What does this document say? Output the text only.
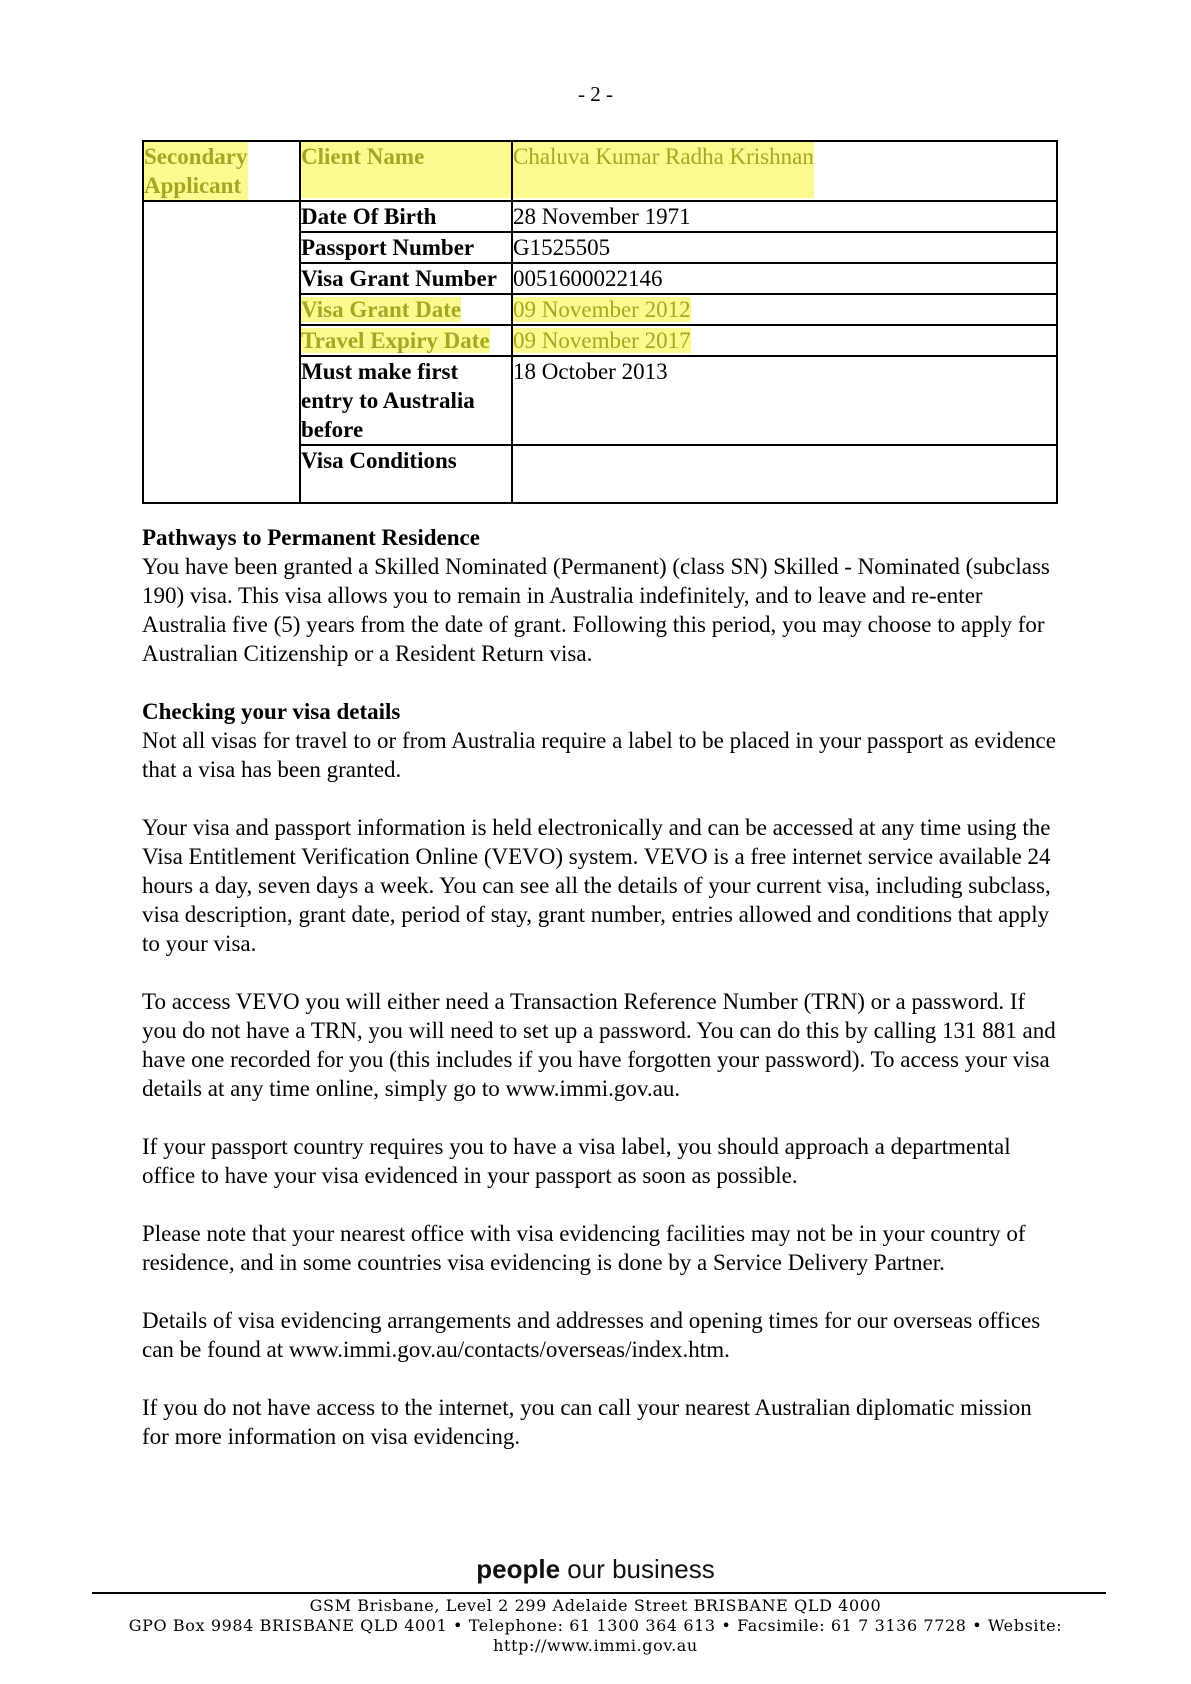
- 2 -
Secondary
Applicant	Client Name	Chaluva Kumar Radha Krishnan
	Date Of Birth	28 November 1971
	Passport Number	G1525505
	Visa Grant Number	0051600022146
	Visa Grant Date	09 November 2012
	Travel Expiry Date	09 November 2017
	Must make first
entry to Australia
before	18 October 2013
	Visa Conditions	
Pathways to Permanent Residence

You have been granted a Skilled Nominated (Permanent) (class SN) Skilled - Nominated (subclass 190) visa. This visa allows you to remain in Australia indefinitely, and to leave and re-enter Australia five (5) years from the date of grant. Following this period, you may choose to apply for Australian Citizenship or a Resident Return visa.

Checking your visa details

Not all visas for travel to or from Australia require a label to be placed in your passport as evidence that a visa has been granted.

Your visa and passport information is held electronically and can be accessed at any time using the Visa Entitlement Verification Online (VEVO) system. VEVO is a free internet service available 24 hours a day, seven days a week. You can see all the details of your current visa, including subclass, visa description, grant date, period of stay, grant number, entries allowed and conditions that apply to your visa.

To access VEVO you will either need a Transaction Reference Number (TRN) or a password. If you do not have a TRN, you will need to set up a password. You can do this by calling 131 881 and have one recorded for you (this includes if you have forgotten your password). To access your visa details at any time online, simply go to www.immi.gov.au.

If your passport country requires you to have a visa label, you should approach a departmental office to have your visa evidenced in your passport as soon as possible.

Please note that your nearest office with visa evidencing facilities may not be in your country of residence, and in some countries visa evidencing is done by a Service Delivery Partner.

Details of visa evidencing arrangements and addresses and opening times for our overseas offices can be found at www.immi.gov.au/contacts/overseas/index.htm.

If you do not have access to the internet, you can call your nearest Australian diplomatic mission for more information on visa evidencing.

people our business
GSM Brisbane, Level 2 299 Adelaide Street BRISBANE QLD 4000
GPO Box 9984 BRISBANE QLD 4001 • Telephone: 61 1300 364 613 • Facsimile: 61 7 3136 7728 • Website:
http://www.immi.gov.au
